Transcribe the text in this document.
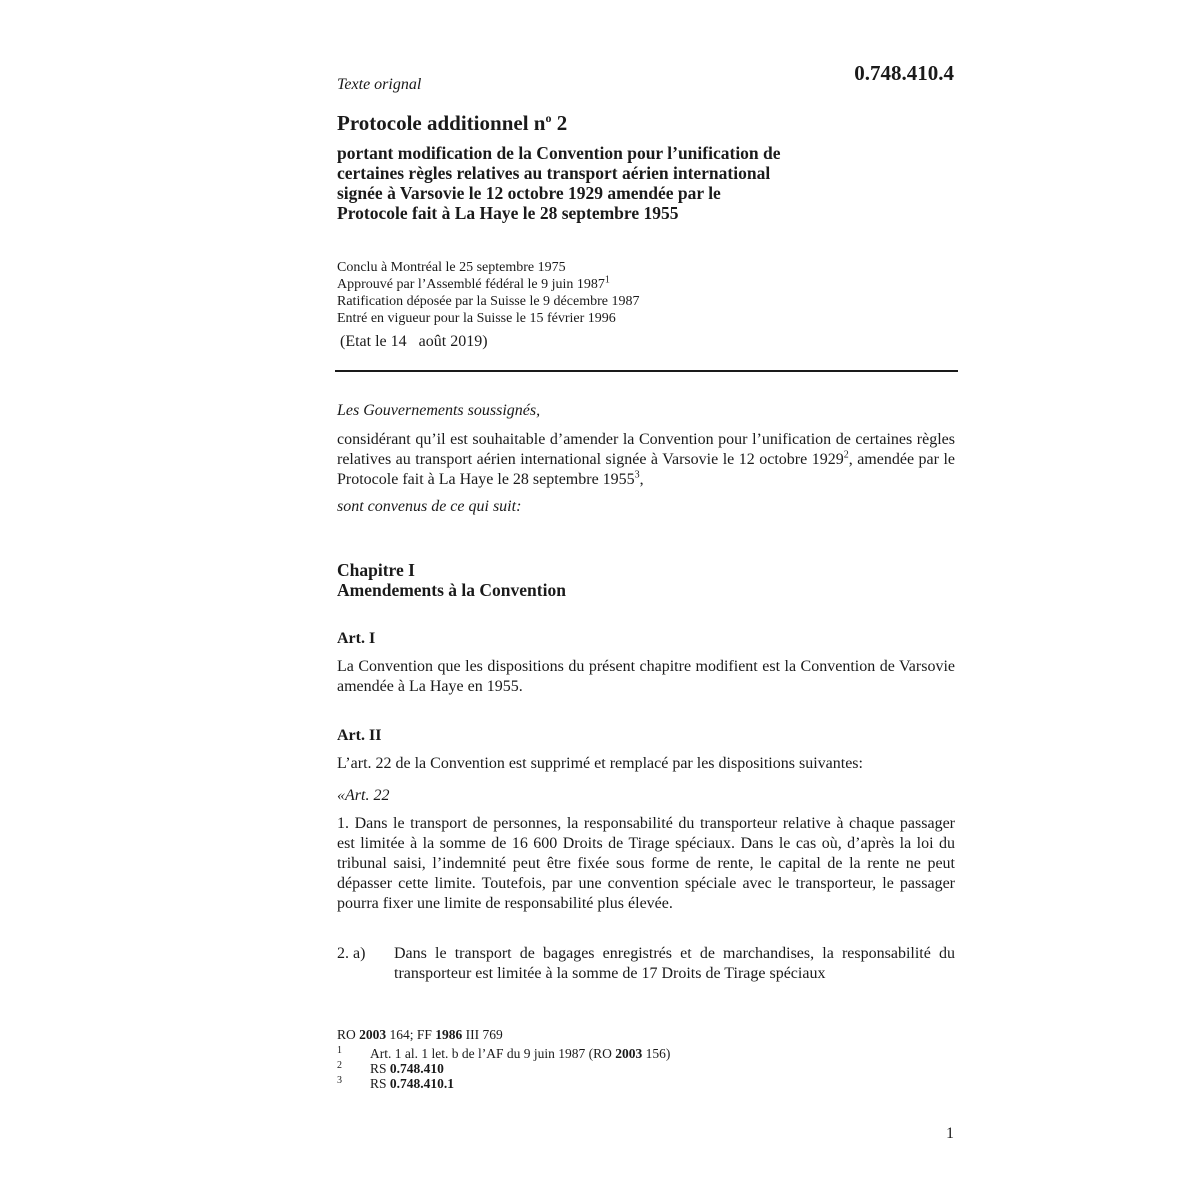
Texte orignal	0.748.410.4
Protocole additionnel $n^o$ 2
portant modification de la Convention pour l’unification de
certaines règles relatives au transport aérien international
signée à Varsovie le 12 octobre 1929 amendée par le
Protocole fait à La Haye le 28 septembre 1955
Conclu à Montréal le 25 septembre 1975
Approuvé par l’Assemblé fédéral le 9 juin 1987$^1$
Ratification déposée par la Suisse le 9 décembre 1987
Entré en vigueur pour la Suisse le 15 février 1996
(Etat le 14   août 2019)
Les Gouvernements soussignés,
considérant qu’il est souhaitable d’amender la Convention pour l’unification de certaines règles relatives au transport aérien international signée à Varsovie le 12 octobre 1929$^2$, amendée par le Protocole fait à La Haye le 28 septembre 1955$^3$,
sont convenus de ce qui suit:
Chapitre I
Amendements à la Convention
Art. I
La Convention que les dispositions du présent chapitre modifient est la Convention de Varsovie amendée à La Haye en 1955.
Art. II
L’art. 22 de la Convention est supprimé et remplacé par les dispositions suivantes:
«Art. 22
1. Dans le transport de personnes, la responsabilité du transporteur relative à chaque passager est limitée à la somme de 16 600 Droits de Tirage spéciaux. Dans le cas où, d’après la loi du tribunal saisi, l’indemnité peut être fixée sous forme de rente, le capital de la rente ne peut dépasser cette limite. Toutefois, par une convention spéciale avec le transporteur, le passager pourra fixer une limite de responsabilité plus élevée.
2. a) Dans le transport de bagages enregistrés et de marchandises, la responsabilité du transporteur est limitée à la somme de 17 Droits de Tirage spéciaux
RO 2003 164; FF 1986 III 769
1	Art. 1 al. 1 let. b de l’AF du 9 juin 1987 (RO 2003 156)
2	RS 0.748.410
3	RS 0.748.410.1
1
